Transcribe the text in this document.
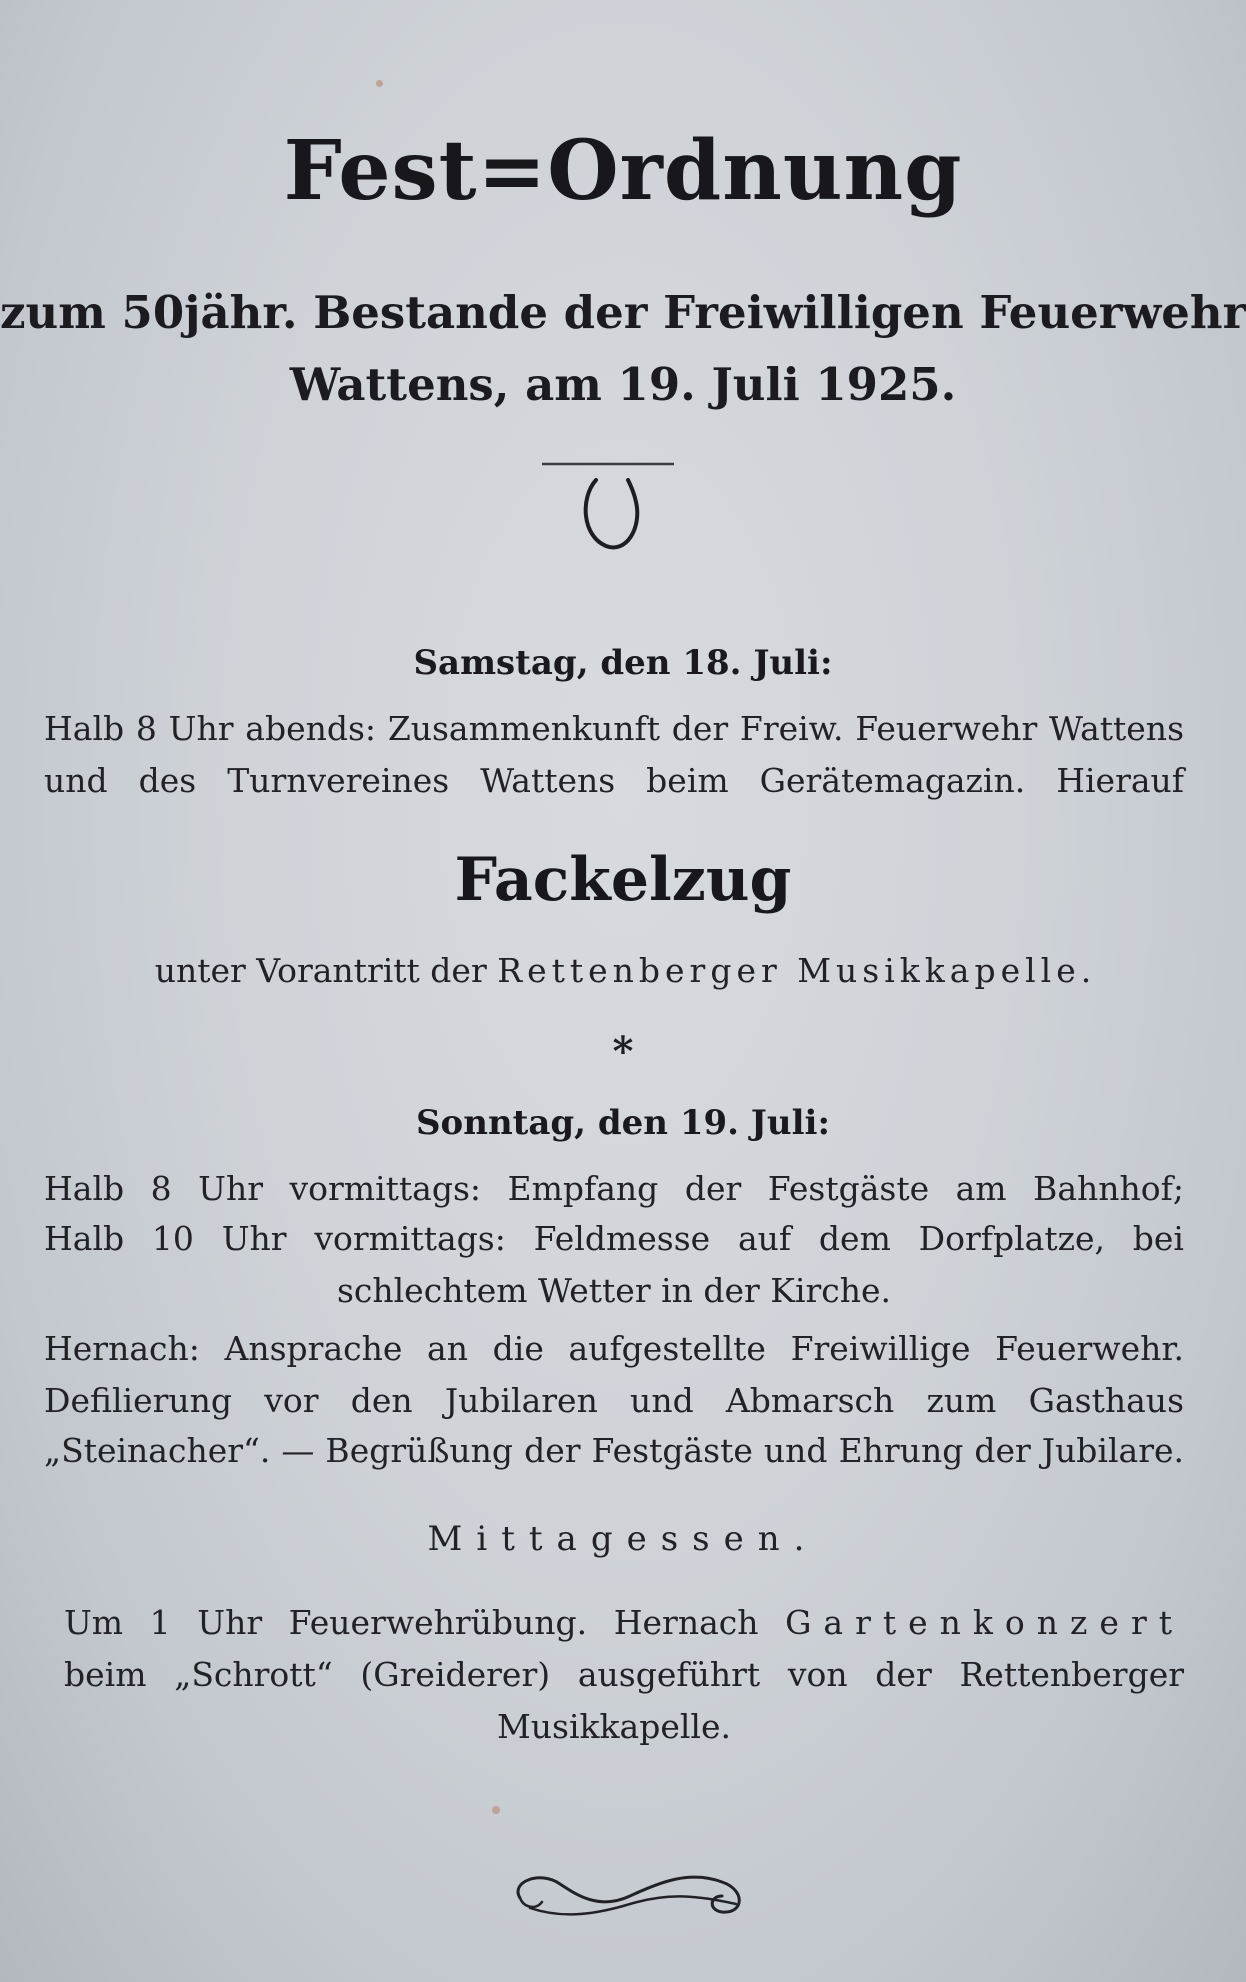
Fest=Ordnung
zum 50jähr. Bestande der Freiwilligen Feuerwehr
Wattens, am 19. Juli 1925.
Samstag, den 18. Juli:
Halb 8 Uhr abends: Zusammenkunft der Freiw. Feuerwehr Wattens
und des Turnvereines Wattens beim Gerätemagazin. Hierauf
Fackelzug
unter Vorantritt der Rettenberger Musikkapelle.
*
Sonntag, den 19. Juli:
Halb 8 Uhr vormittags: Empfang der Festgäste am Bahnhof;
Halb 10 Uhr vormittags: Feldmesse auf dem Dorfplatze, bei
schlechtem Wetter in der Kirche.
Hernach: Ansprache an die aufgestellte Freiwillige Feuerwehr.
Defilierung vor den Jubilaren und Abmarsch zum Gasthaus
„Steinacher“. — Begrüßung der Festgäste und Ehrung der Jubilare.
Mittagessen.
Um 1 Uhr Feuerwehrübung. Hernach Gartenkonzert
beim „Schrott“ (Greiderer) ausgeführt von der Rettenberger
Musikkapelle.
